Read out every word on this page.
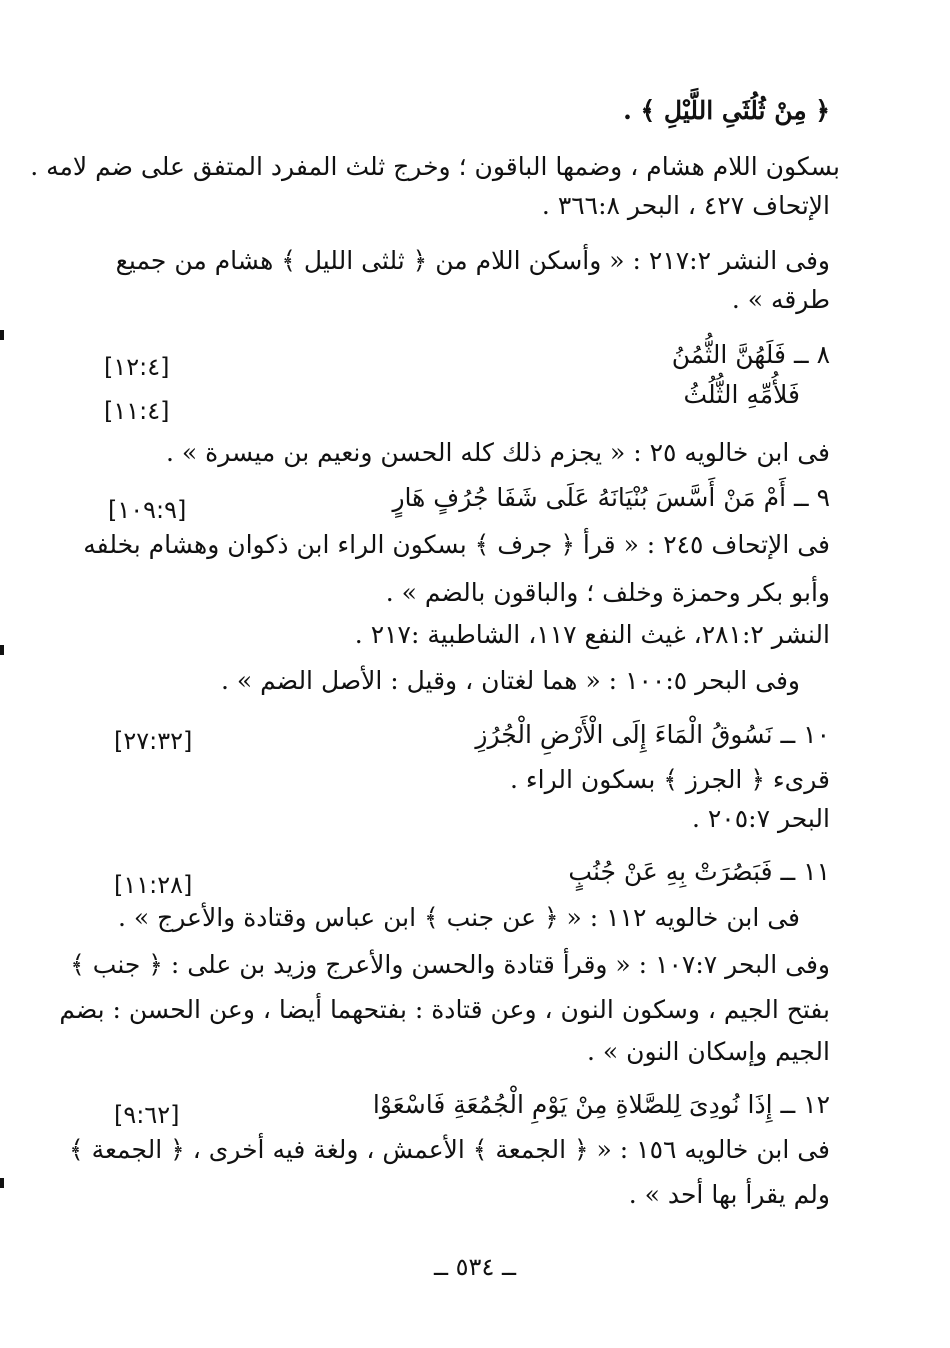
﴿ مِنْ ثُلُثَىِ اللَّيْلِ ﴾ .
بسكون اللام هشام ، وضمها الباقون ؛ وخرج ثلث المفرد المتفق على ضم لامه .
الإتحاف ٤٢٧ ، البحر ٣٦٦:٨ .
وفى النشر ٢١٧:٢ : « وأسكن اللام من ﴿ ثلثى الليل ﴾ هشام من جميع
طرقه » .
٨ ــ فَلَهُنَّ الثُّمُنُ
فَلأُمِّهِ الثُّلُثُ
فى ابن خالويه ٢٥ : « يجزم ذلك كله الحسن ونعيم بن ميسرة » .
٩ ــ أَمْ مَنْ أَسَّسَ بُنْيَانَهُ عَلَى شَفَا جُرُفٍ هَارٍ
فى الإتحاف ٢٤٥ : « قرأ ﴿ جرف ﴾ بسكون الراء ابن ذكوان وهشام بخلفه
وأبو بكر وحمزة وخلف ؛ والباقون بالضم » .
النشر ٢٨١:٢، غيث النفع ١١٧، الشاطبية :٢١٧ .
وفى البحر ١٠٠:٥ : « هما لغتان ، وقيل : الأصل الضم » .
١٠ ــ نَسُوقُ الْمَاءَ إِلَى الْأَرْضِ الْجُرُزِ
قرىء ﴿ الجرز ﴾ بسكون الراء .
البحر ٢٠٥:٧ .
١١ ــ فَبَصُرَتْ بِهِ عَنْ جُنُبٍ
فى ابن خالويه ١١٢ : « ﴿ عن جنب ﴾ ابن عباس وقتادة والأعرج » .
وفى البحر ١٠٧:٧ : « وقرأ قتادة والحسن والأعرج وزيد بن على : ﴿ جنب ﴾
بفتح الجيم ، وسكون النون ، وعن قتادة : بفتحهما أيضا ، وعن الحسن : بضم
الجيم وإسكان النون » .
١٢ ــ إِذَا نُودِىَ لِلصَّلاةِ مِنْ يَوْمِ الْجُمُعَةِ فَاسْعَوْا
فى ابن خالويه ١٥٦ : « ﴿ الجمعة ﴾ الأعمش ، ولغة فيه أخرى ، ﴿ الجمعة ﴾
ولم يقرأ بها أحد » .
[١٢:٤]
[١١:٤]
[١٠٩:٩]
[٢٧:٣٢]
[١١:٢٨]
[٩:٦٢]
ــ ٥٣٤ ــ
